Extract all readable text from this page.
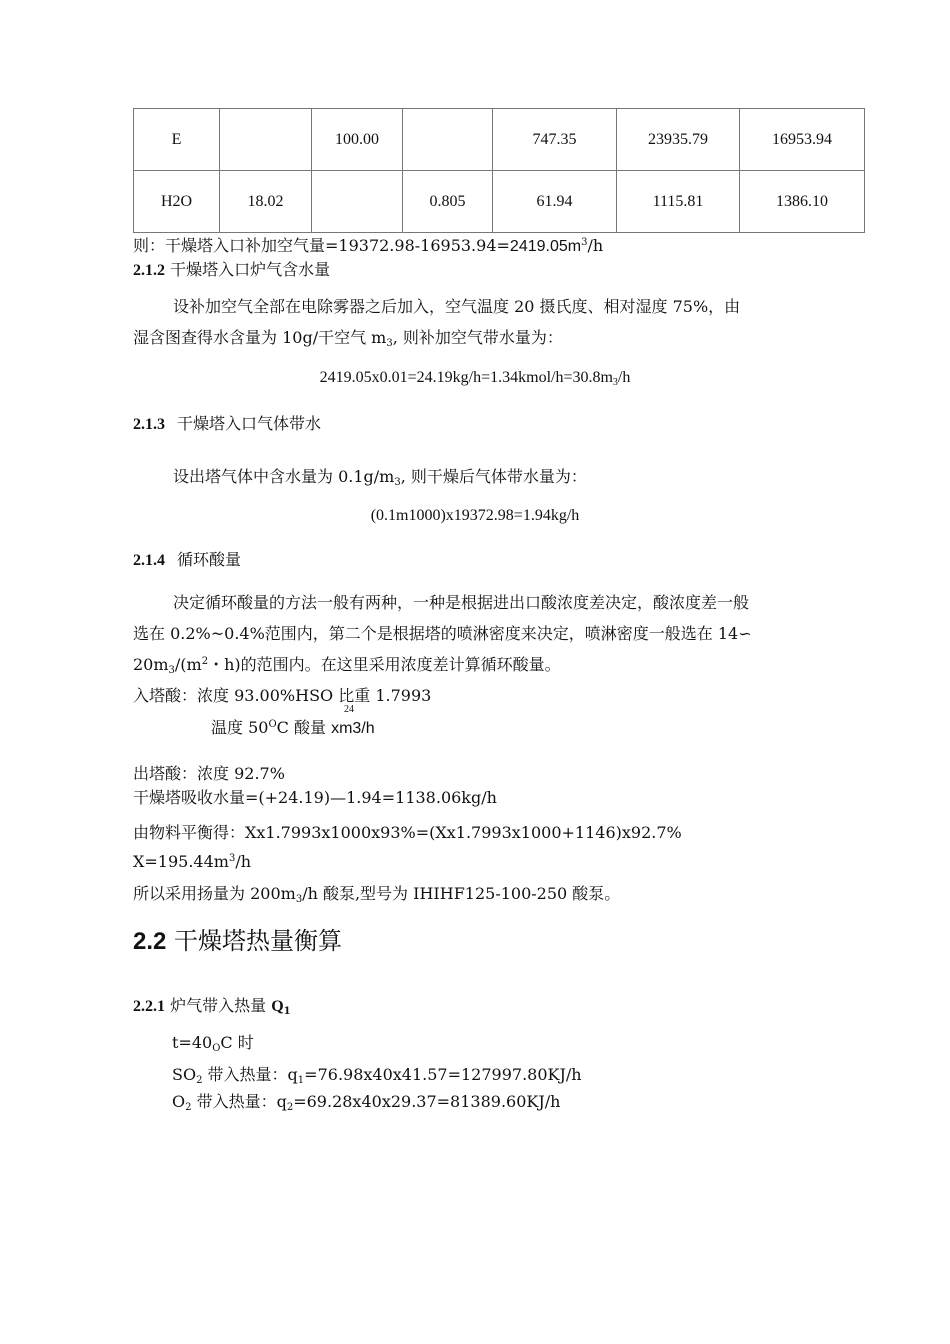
E		100.00		747.35	23935.79	16953.94
H2O	18.02		0.805	61.94	1115.81	1386.10
则：干燥塔入口补加空气量$=19372.98-16953.94=2419.05m^3/h$
2.1.2 干燥塔入口炉气含水量
设补加空气全部在电除雾器之后加入，空气温度 20 摄氏度、相对湿度 75%，由
湿含图查得水含量为 10g/干空气 $m_3$, 则补加空气带水量为：
$2419.05x0.01=24.19kg/h=1.34kmol/h=30.8m_3/h$
2.1.3 干燥塔入口气体带水
设出塔气体中含水量为 $0.1g/m_3$, 则干燥后气体带水量为：
(0.1m1000)x19372.98=1.94kg/h
2.1.4 循环酸量
决定循环酸量的方法一般有两种，一种是根据进出口酸浓度差决定，酸浓度差一般
选在 0.2%~0.4%范围内，第二个是根据塔的喷淋密度来决定，喷淋密度一般选在 14∽
$20m_3/(m^2$・h)的范围内。在这里采用浓度差计算循环酸量。
入塔酸：浓度 93.00%HSO 比重 1.7993
24
温度 $50^OC$ 酸量 xm3/h
出塔酸：浓度 92.7%
干燥塔吸收水量=(+24.19)—1.94=1138.06kg/h
由物料平衡得：Xx1.7993x1000x93%=(Xx1.7993x1000+1146)x92.7%
$X=195.44m^3/h$
所以采用扬量为 $200m_3/h$ 酸泵,型号为 IHIHF125-100-250 酸泵。
2.2 干燥塔热量衡算
2.2.1 炉气带入热量 $Q_1$
$t=40_OC$ 时
$SO_2$ 带入热量：$q_1=76.98x40x41.57=127997.80KJ/h$
$O_2$ 带入热量：$q_2=69.28x40x29.37=81389.60KJ/h$
